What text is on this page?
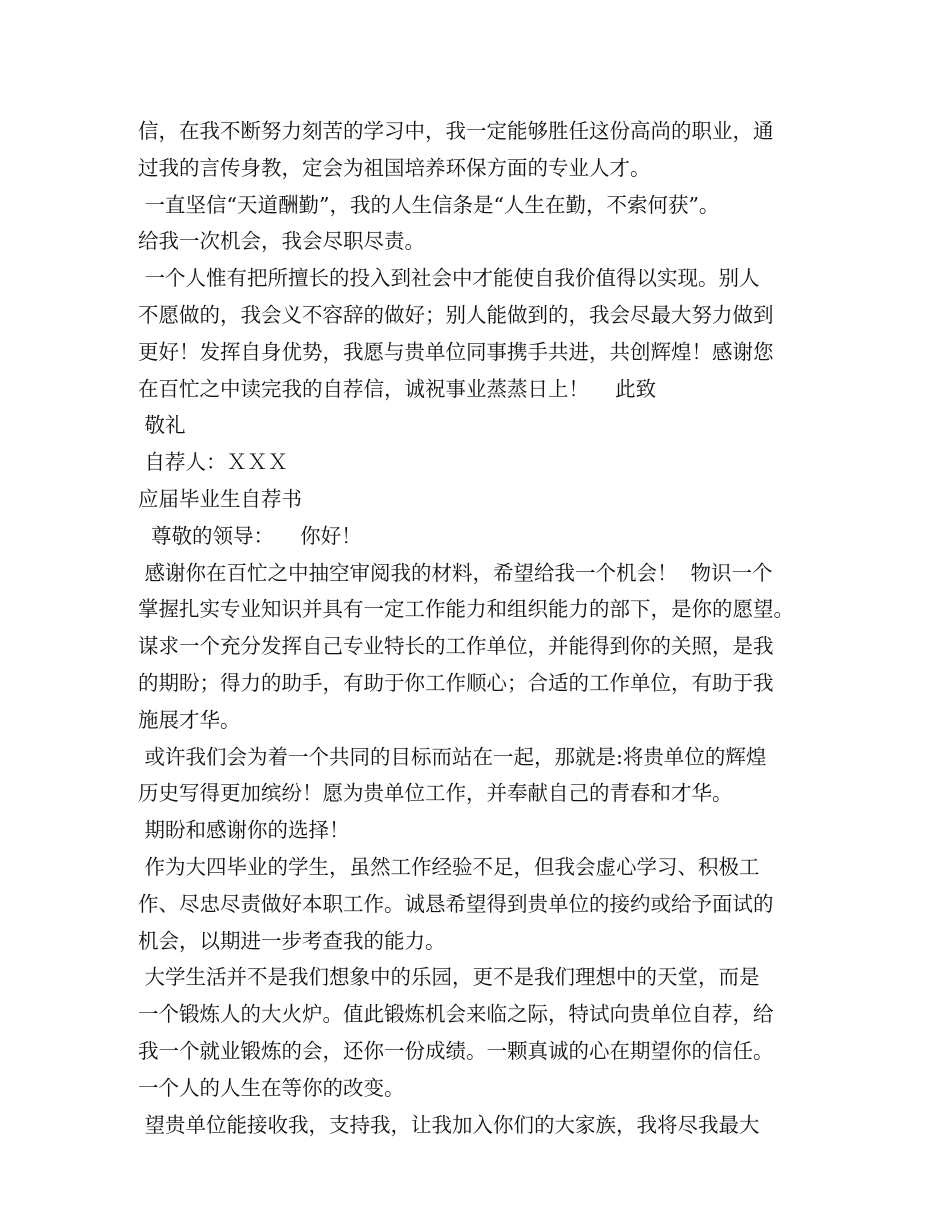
信，在我不断努力刻苦的学习中，我一定能够胜任这份高尚的职业，通
过我的言传身教，定会为祖国培养环保方面的专业人才。
一直坚信“天道酬勤”，我的人生信条是“人生在勤，不索何获”。
给我一次机会，我会尽职尽责。
一个人惟有把所擅长的投入到社会中才能使自我价值得以实现。别人
不愿做的，我会义不容辞的做好；别人能做到的，我会尽最大努力做到
更好！发挥自身优势，我愿与贵单位同事携手共进，共创辉煌！感谢您
在百忙之中读完我的自荐信，诚祝事业蒸蒸日上！    此致
敬礼
自荐人：ＸＸＸ
应届毕业生自荐书
尊敬的领导：    你好！
感谢你在百忙之中抽空审阅我的材料，希望给我一个机会！  物识一个
掌握扎实专业知识并具有一定工作能力和组织能力的部下，是你的愿望。
谋求一个充分发挥自己专业特长的工作单位，并能得到你的关照，是我
的期盼；得力的助手，有助于你工作顺心；合适的工作单位，有助于我
施展才华。
或许我们会为着一个共同的目标而站在一起，那就是:将贵单位的辉煌
历史写得更加缤纷！愿为贵单位工作，并奉献自己的青春和才华。
期盼和感谢你的选择！
作为大四毕业的学生，虽然工作经验不足，但我会虚心学习、积极工
作、尽忠尽责做好本职工作。诚恳希望得到贵单位的接约或给予面试的
机会，以期进一步考查我的能力。
大学生活并不是我们想象中的乐园，更不是我们理想中的天堂，而是
一个锻炼人的大火炉。值此锻炼机会来临之际，特试向贵单位自荐，给
我一个就业锻炼的会，还你一份成绩。一颗真诚的心在期望你的信任。
一个人的人生在等你的改变。
望贵单位能接收我，支持我，让我加入你们的大家族，我将尽我最大
